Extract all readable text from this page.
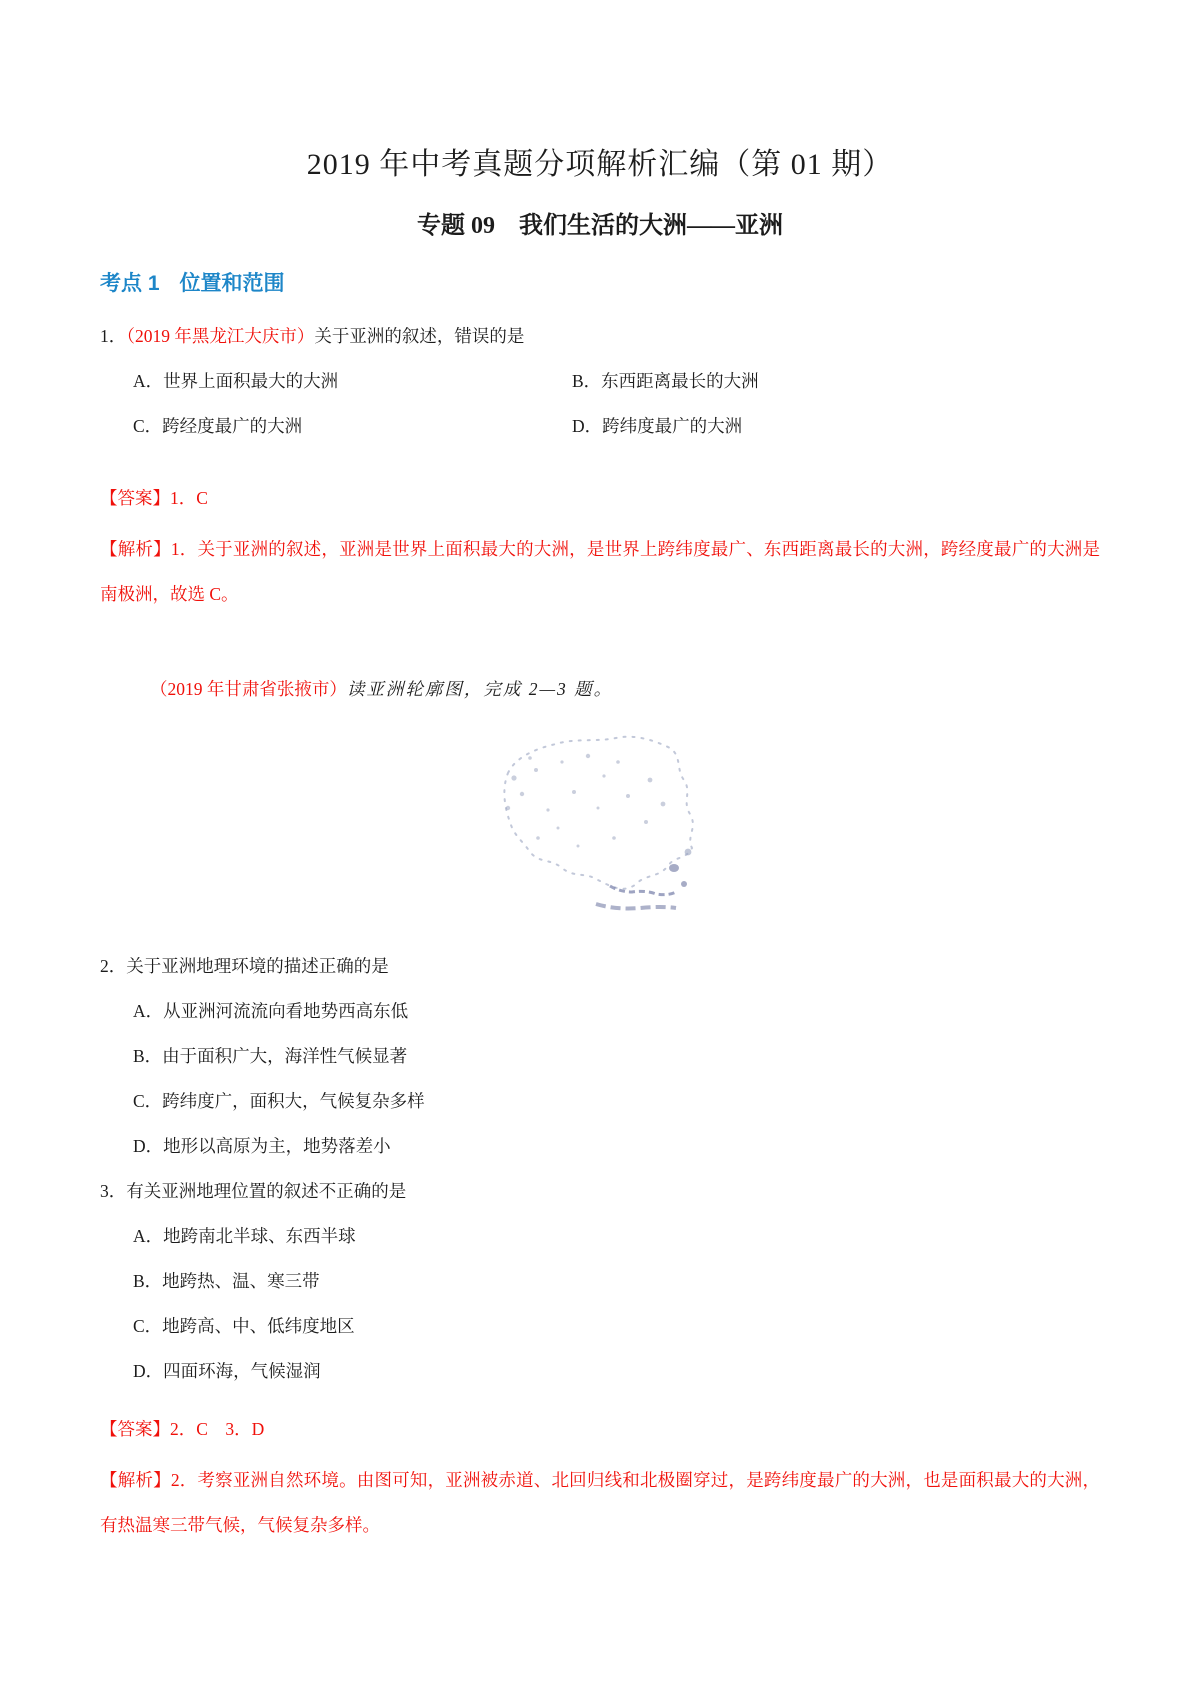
2019 年中考真题分项解析汇编（第 01 期）
专题 09　我们生活的大洲——亚洲
考点 1 位置和范围

1．（2019 年黑龙江大庆市）关于亚洲的叙述，错误的是

A．世界上面积最大的大洲	B．东西距离最长的大洲

C．跨经度最广的大洲	D．跨纬度最广的大洲

【答案】1．C

【解析】1．关于亚洲的叙述，亚洲是世界上面积最大的大洲，是世界上跨纬度最广、东西距离最长的大洲，跨经度最广的大洲是南极洲，故选 C。

（2019 年甘肃省张掖市）读亚洲轮廓图，完成 2—3 题。

2．关于亚洲地理环境的描述正确的是

A．从亚洲河流流向看地势西高东低

B．由于面积广大，海洋性气候显著

C．跨纬度广，面积大，气候复杂多样

D．地形以高原为主，地势落差小

3．有关亚洲地理位置的叙述不正确的是

A．地跨南北半球、东西半球

B．地跨热、温、寒三带

C．地跨高、中、低纬度地区

D．四面环海，气候湿润

【答案】2．C　3．D

【解析】2．考察亚洲自然环境。由图可知，亚洲被赤道、北回归线和北极圈穿过，是跨纬度最广的大洲，也是面积最大的大洲，有热温寒三带气候，气候复杂多样。
